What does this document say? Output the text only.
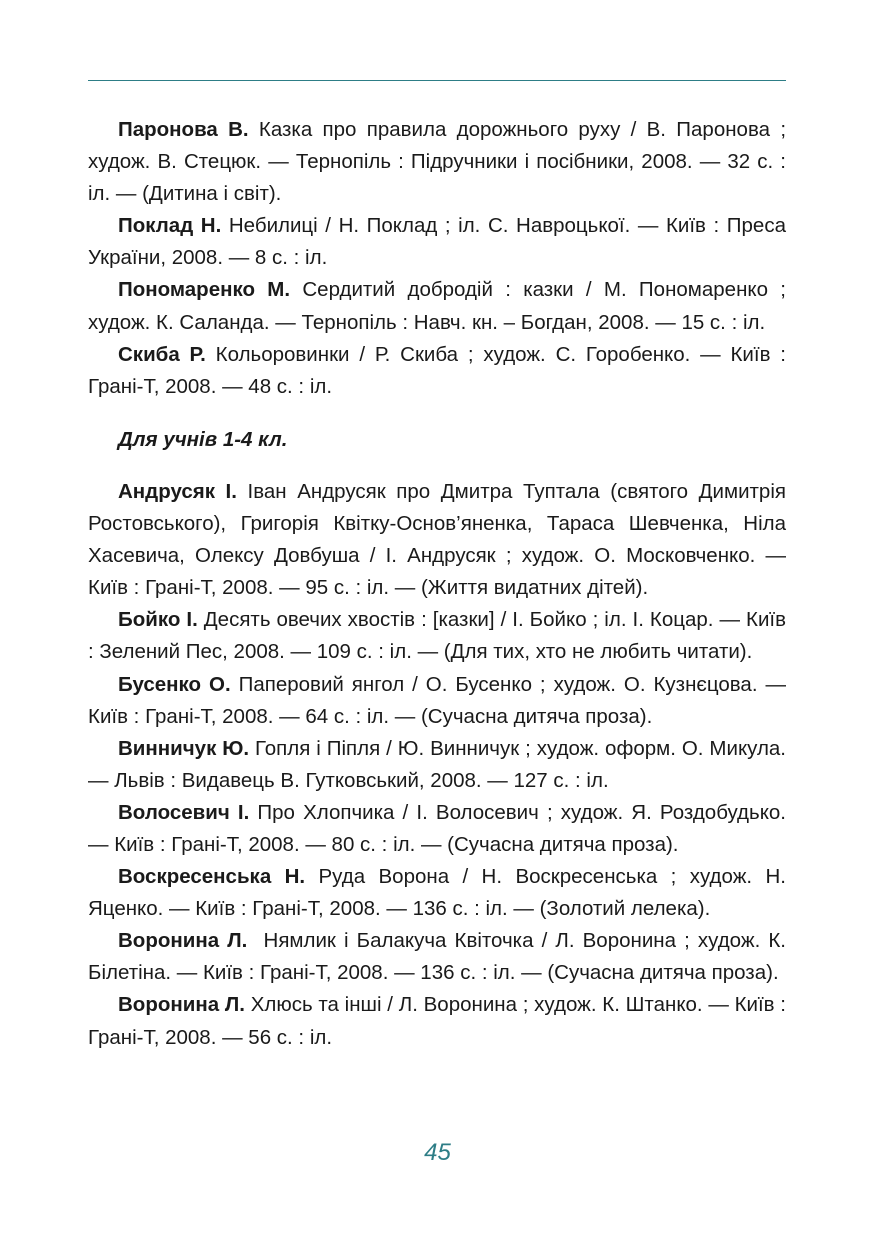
Паронова В. Казка про правила дорожнього руху / В. Паронова ; худож. В. Стецюк. — Тернопіль : Підручники і посібники, 2008. — 32 с. : іл. — (Дитина і світ).

Поклад Н. Небилиці / Н. Поклад ; іл. С. Навроцької. — Київ : Преса України, 2008. — 8 с. : іл.

Пономаренко М. Сердитий добродій : казки / М. Пономаренко ; худож. К. Саланда. — Тернопіль : Навч. кн. – Богдан, 2008. — 15 с. : іл.

Скиба Р. Кольоровинки / Р. Скиба ; худож. С. Горобенко. — Київ : Грані-Т, 2008. — 48 с. : іл.

Для учнів 1-4 кл.

Андрусяк І. Іван Андрусяк про Дмитра Туптала (святого Димитрія Ростовського), Григорія Квітку-Основ’яненка, Тараса Шевченка, Ніла Хасевича, Олексу Довбуша / І. Андрусяк ; худож. О. Московченко. — Київ : Грані-Т, 2008. — 95 с. : іл. — (Життя видатних дітей).

Бойко І. Десять овечих хвостів : [казки] / І. Бойко ; іл. І. Коцар. — Київ : Зелений Пес, 2008. — 109 с. : іл. — (Для тих, хто не любить читати).

Бусенко О. Паперовий янгол / О. Бусенко ; худож. О. Кузнєцова. — Київ : Грані-Т, 2008. — 64 с. : іл. — (Сучасна дитяча проза).

Винничук Ю. Гопля і Піпля / Ю. Винничук ; худож. оформ. О. Микула. — Львів : Видавець В. Гутковський, 2008. — 127 с. : іл.

Волосевич І. Про Хлопчика / І. Волосевич ; худож. Я. Роздобудько. — Київ : Грані-Т, 2008. — 80 с. : іл. — (Сучасна дитяча проза).

Воскресенська Н. Руда Ворона / Н. Воскресенська ; худож. Н. Яценко. — Київ : Грані-Т, 2008. — 136 с. : іл. — (Золотий лелека).

Воронина Л.  Нямлик і Балакуча Квіточка / Л. Воронина ; худож. К. Білетіна. — Київ : Грані-Т, 2008. — 136 с. : іл. — (Сучасна дитяча проза).

Воронина Л. Хлюсь та інші / Л. Воронина ; худож. К. Штанко. — Київ : Грані-Т, 2008. — 56 с. : іл.

45
